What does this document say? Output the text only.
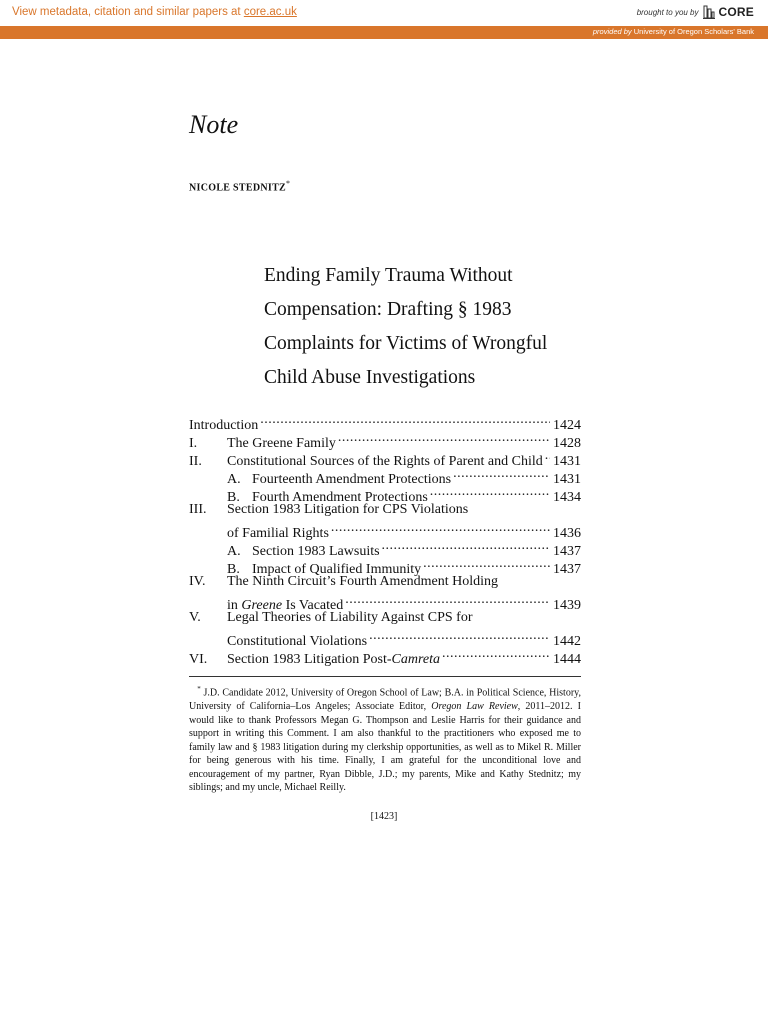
View metadata, citation and similar papers at core.ac.uk	brought to you by CORE
provided by University of Oregon Scholars' Bank
Note
NICOLE STEDNITZ*
Ending Family Trauma Without
Compensation: Drafting § 1983
Complaints for Victims of Wrongful
Child Abuse Investigations
Introduction .....	1424
I.	The Greene Family .....	1428
II.	Constitutional Sources of the Rights of Parent and Child ..... 1431
A. Fourteenth Amendment Protections .....	1431
B. Fourth Amendment Protections .....	1434
III.	Section 1983 Litigation for CPS Violations
of Familial Rights .....	1436
A. Section 1983 Lawsuits .....	1437
B. Impact of Qualified Immunity .....	1437
IV.	The Ninth Circuit’s Fourth Amendment Holding
in Greene Is Vacated .....	1439
V.	Legal Theories of Liability Against CPS for
Constitutional Violations .....	1442
VI.	Section 1983 Litigation Post-Camreta .....	1444
* J.D. Candidate 2012, University of Oregon School of Law; B.A. in Political Science, History, University of California–Los Angeles; Associate Editor, Oregon Law Review, 2011–2012. I would like to thank Professors Megan G. Thompson and Leslie Harris for their guidance and support in writing this Comment. I am also thankful to the practitioners who exposed me to family law and § 1983 litigation during my clerkship opportunities, as well as to Mikel R. Miller for being generous with his time. Finally, I am grateful for the unconditional love and encouragement of my partner, Ryan Dibble, J.D.; my parents, Mike and Kathy Stednitz; my siblings; and my uncle, Michael Reilly.
[1423]
